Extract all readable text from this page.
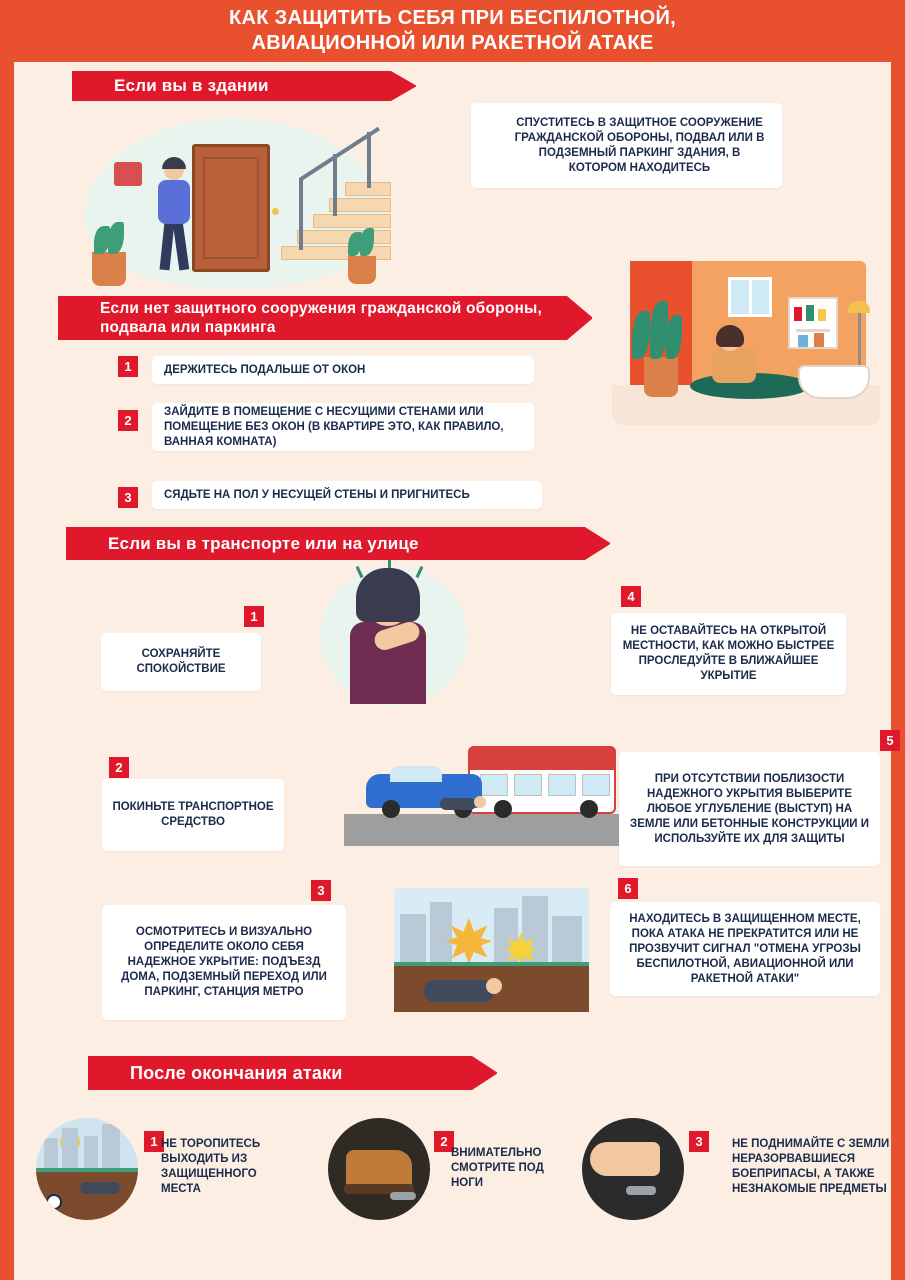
КАК ЗАЩИТИТЬ СЕБЯ ПРИ БЕСПИЛОТНОЙ,
АВИАЦИОННОЙ ИЛИ РАКЕТНОЙ АТАКЕ
Если вы в здании
СПУСТИТЕСЬ В ЗАЩИТНОЕ СООРУЖЕНИЕ ГРАЖДАНСКОЙ ОБОРОНЫ, ПОДВАЛ ИЛИ В ПОДЗЕМНЫЙ ПАРКИНГ ЗДАНИЯ, В КОТОРОМ НАХОДИТЕСЬ
Если нет защитного сооружения гражданской обороны, подвала или паркинга
1	ДЕРЖИТЕСЬ ПОДАЛЬШЕ ОТ ОКОН
2
ЗАЙДИТЕ В ПОМЕЩЕНИЕ С НЕСУЩИМИ СТЕНАМИ ИЛИ ПОМЕЩЕНИЕ БЕЗ ОКОН (В КВАРТИРЕ ЭТО, КАК ПРАВИЛО, ВАННАЯ КОМНАТА)
3	СЯДЬТЕ НА ПОЛ У НЕСУЩЕЙ СТЕНЫ И ПРИГНИТЕСЬ
Если вы в транспорте или на улице
1
СОХРАНЯЙТЕ СПОКОЙСТВИЕ
2
ПОКИНЬТЕ ТРАНСПОРТНОЕ СРЕДСТВО
3
ОСМОТРИТЕСЬ И ВИЗУАЛЬНО ОПРЕДЕЛИТЕ ОКОЛО СЕБЯ НАДЕЖНОЕ УКРЫТИЕ: ПОДЪЕЗД ДОМА, ПОДЗЕМНЫЙ ПЕРЕХОД ИЛИ ПАРКИНГ, СТАНЦИЯ МЕТРО
4
НЕ ОСТАВАЙТЕСЬ НА ОТКРЫТОЙ МЕСТНОСТИ, КАК МОЖНО БЫСТРЕЕ ПРОСЛЕДУЙТЕ В БЛИЖАЙШЕЕ УКРЫТИЕ
5
ПРИ ОТСУТСТВИИ ПОБЛИЗОСТИ НАДЕЖНОГО УКРЫТИЯ ВЫБЕРИТЕ ЛЮБОЕ УГЛУБЛЕНИЕ (ВЫСТУП) НА ЗЕМЛЕ ИЛИ БЕТОННЫЕ КОНСТРУКЦИИ И ИСПОЛЬЗУЙТЕ ИХ ДЛЯ ЗАЩИТЫ
6
НАХОДИТЕСЬ В ЗАЩИЩЕННОМ МЕСТЕ, ПОКА АТАКА НЕ ПРЕКРАТИТСЯ ИЛИ НЕ ПРОЗВУЧИТ СИГНАЛ "ОТМЕНА УГРОЗЫ БЕСПИЛОТНОЙ, АВИАЦИОННОЙ ИЛИ РАКЕТНОЙ АТАКИ"
После окончания атаки
1 НЕ ТОРОПИТЕСЬ ВЫХОДИТЬ ИЗ ЗАЩИЩЕННОГО МЕСТА
2
ВНИМАТЕЛЬНО СМОТРИТЕ ПОД НОГИ
3	НЕ ПОДНИМАЙТЕ С ЗЕМЛИ НЕРАЗОРВАВШИЕСЯ БОЕПРИПАСЫ, А ТАКЖЕ НЕЗНАКОМЫЕ ПРЕДМЕТЫ
